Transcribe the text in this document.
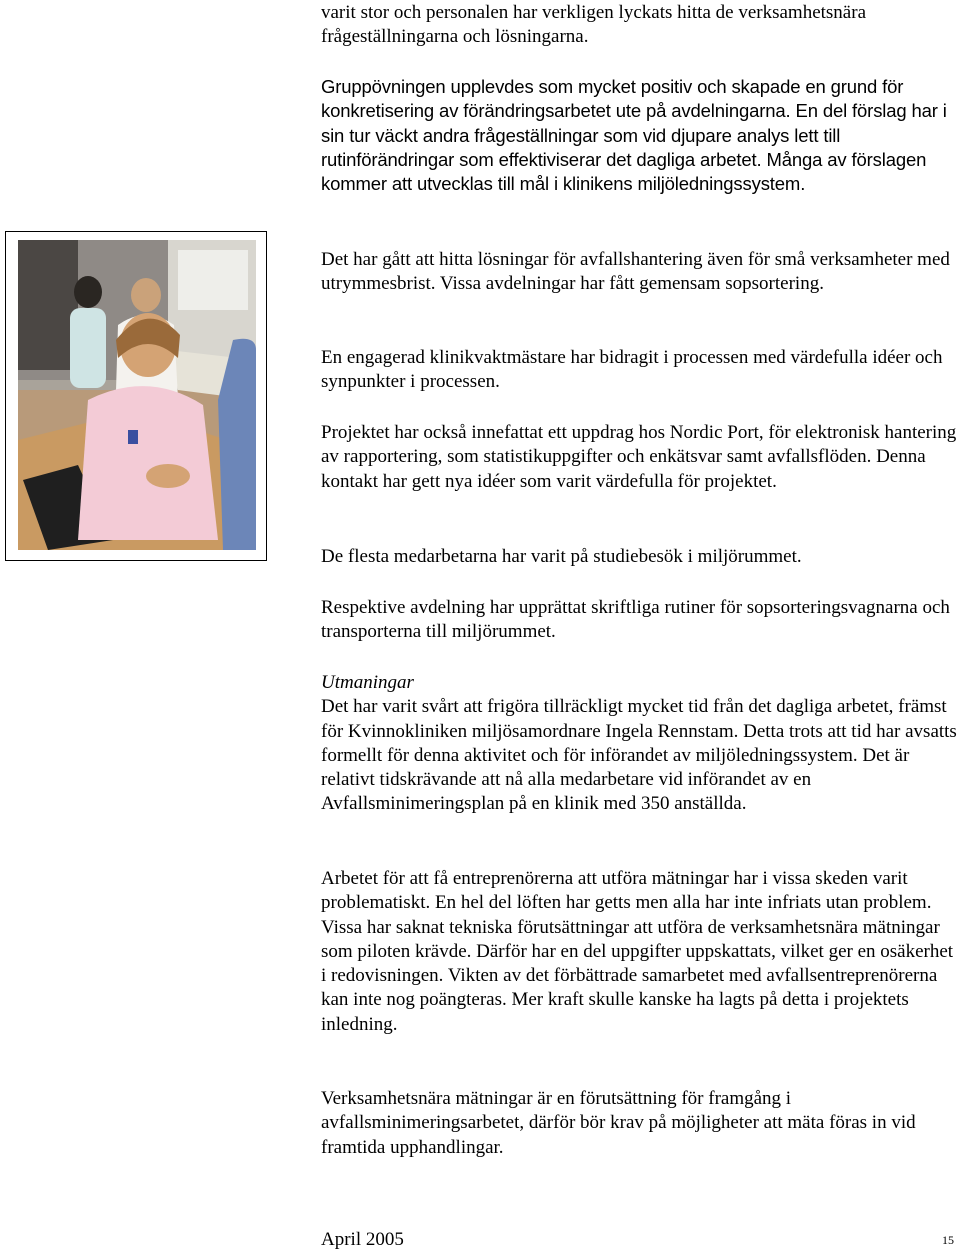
varit stor och personalen har verkligen lyckats hitta de verksamhetsnära frågeställningarna och lösningarna.

Gruppövningen upplevdes som mycket positiv och skapade en grund för konkretisering av förändringsarbetet ute på avdelningarna. En del förslag har i sin tur väckt andra frågeställningar som vid djupare analys lett till rutinförändringar som effektiviserar det dagliga arbetet. Många av förslagen kommer att utvecklas till mål i klinikens miljöledningssystem.

Det har gått att hitta lösningar för avfallshantering även för små verksamheter med utrymmesbrist. Vissa avdelningar har fått gemensam sopsortering.

En engagerad klinikvaktmästare har bidragit i processen med värdefulla idéer och synpunkter i processen.

Projektet har också innefattat ett uppdrag hos Nordic Port, för elektronisk hantering av rapportering, som statistikuppgifter och enkätsvar samt avfallsflöden. Denna kontakt har gett nya idéer som varit värdefulla för projektet.

De flesta medarbetarna har varit på studiebesök i miljörummet.

Respektive avdelning har upprättat skriftliga rutiner för sopsorteringsvagnarna och transporterna till miljörummet.

Utmaningar

Det har varit svårt att frigöra tillräckligt mycket tid från det dagliga arbetet, främst för Kvinnokliniken miljösamordnare Ingela Rennstam. Detta trots att tid har avsatts formellt för denna aktivitet och för införandet av miljöledningssystem. Det är relativt tidskrävande att nå alla medarbetare vid införandet av en Avfallsminimeringsplan på en klinik med 350 anställda.

Arbetet för att få entreprenörerna att utföra mätningar har i vissa skeden varit problematiskt. En hel del löften har getts men alla har inte infriats utan problem. Vissa har saknat tekniska förutsättningar att utföra de verksamhetsnära mätningar som piloten krävde. Därför har en del uppgifter uppskattats, vilket ger en osäkerhet i redovisningen. Vikten av det förbättrade samarbetet med avfallsentreprenörerna kan inte nog poängteras. Mer kraft skulle kanske ha lagts på detta i projektets inledning.

Verksamhetsnära mätningar är en förutsättning för framgång i avfallsminimeringsarbetet, därför bör krav på möjligheter att mäta föras in vid framtida upphandlingar.

April 2005	15
